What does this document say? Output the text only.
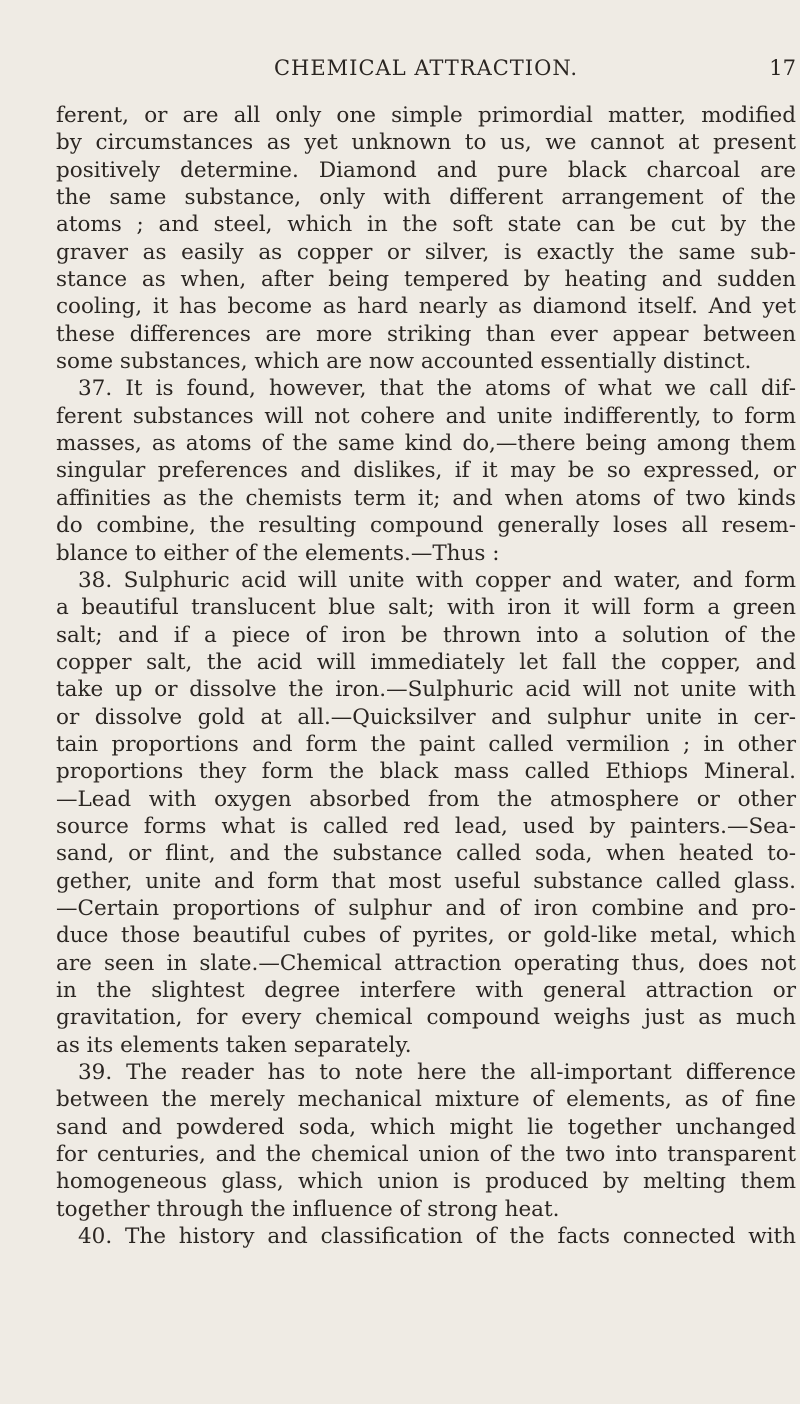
CHEMICAL ATTRACTION.	17
ferent, or are all only one simple primordial matter, modified
by circumstances as yet unknown to us, we cannot at present
positively determine. Diamond and pure black charcoal are
the same substance, only with different arrangement of the
atoms ; and steel, which in the soft state can be cut by the
graver as easily as copper or silver, is exactly the same sub-
stance as when, after being tempered by heating and sudden
cooling, it has become as hard nearly as diamond itself. And yet
these differences are more striking than ever appear between
some substances, which are now accounted essentially distinct.
37. It is found, however, that the atoms of what we call dif-
ferent substances will not cohere and unite indifferently, to form
masses, as atoms of the same kind do,—there being among them
singular preferences and dislikes, if it may be so expressed, or
affinities as the chemists term it; and when atoms of two kinds
do combine, the resulting compound generally loses all resem-
blance to either of the elements.—Thus :
38. Sulphuric acid will unite with copper and water, and form
a beautiful translucent blue salt; with iron it will form a green
salt; and if a piece of iron be thrown into a solution of the
copper salt, the acid will immediately let fall the copper, and
take up or dissolve the iron.—Sulphuric acid will not unite with
or dissolve gold at all.—Quicksilver and sulphur unite in cer-
tain proportions and form the paint called vermilion ; in other
proportions they form the black mass called Ethiops Mineral.
—Lead with oxygen absorbed from the atmosphere or other
source forms what is called red lead, used by painters.—Sea-
sand, or flint, and the substance called soda, when heated to-
gether, unite and form that most useful substance called glass.
—Certain proportions of sulphur and of iron combine and pro-
duce those beautiful cubes of pyrites, or gold-like metal, which
are seen in slate.—Chemical attraction operating thus, does not
in the slightest degree interfere with general attraction or
gravitation, for every chemical compound weighs just as much
as its elements taken separately.
39. The reader has to note here the all-important difference
between the merely mechanical mixture of elements, as of fine
sand and powdered soda, which might lie together unchanged
for centuries, and the chemical union of the two into transparent
homogeneous glass, which union is produced by melting them
together through the influence of strong heat.
40. The history and classification of the facts connected with
